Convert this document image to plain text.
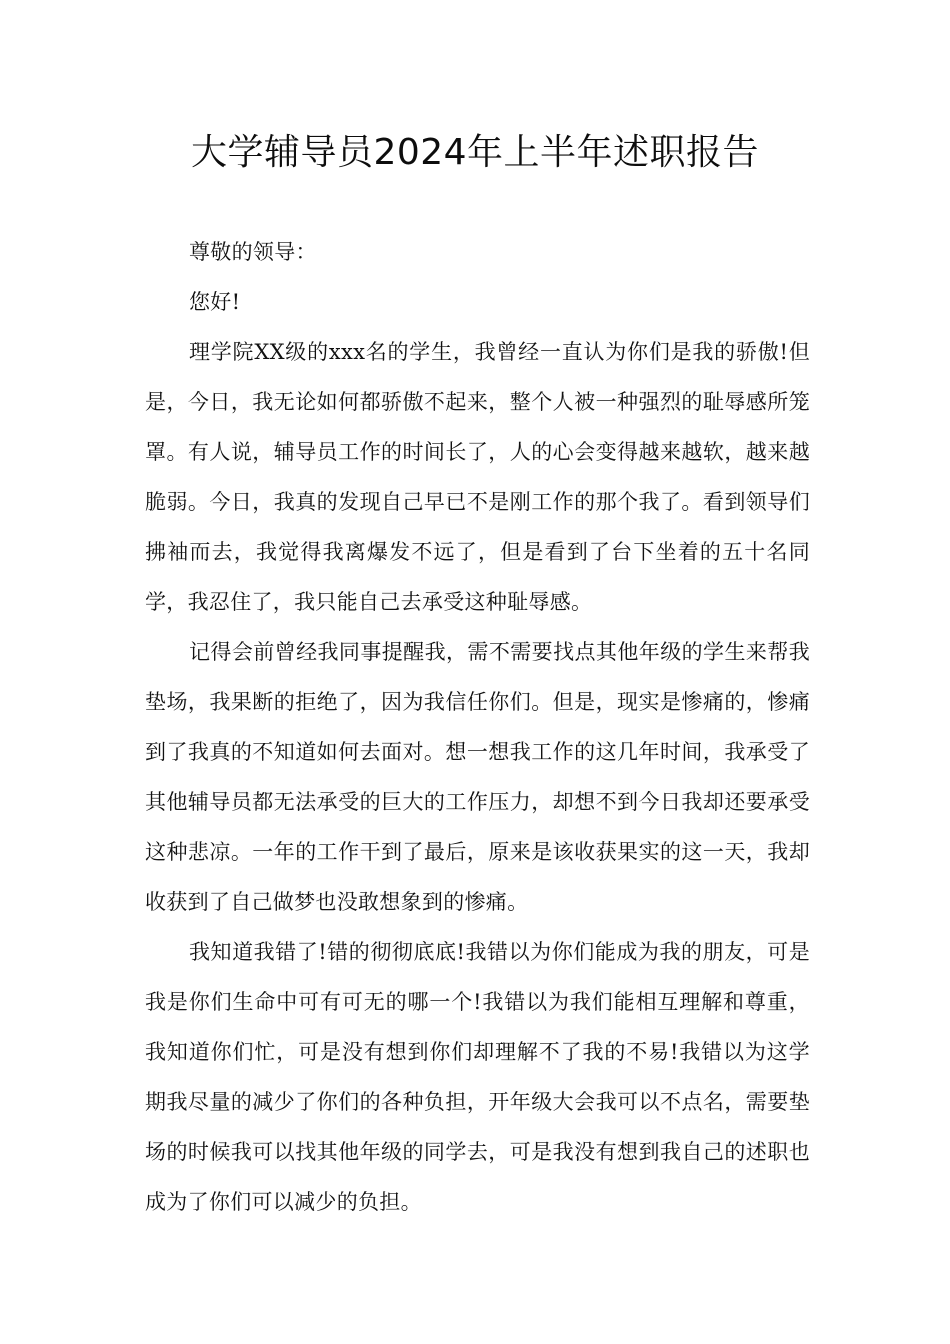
大学辅导员2024年上半年述职报告

尊敬的领导：

您好!

理学院XX级的xxx名的学生，我曾经一直认为你们是我的骄傲!但是，今日，我无论如何都骄傲不起来，整个人被一种强烈的耻辱感所笼罩。有人说，辅导员工作的时间长了，人的心会变得越来越软，越来越脆弱。今日，我真的发现自己早已不是刚工作的那个我了。看到领导们拂袖而去，我觉得我离爆发不远了，但是看到了台下坐着的五十名同学，我忍住了，我只能自己去承受这种耻辱感。

记得会前曾经我同事提醒我，需不需要找点其他年级的学生来帮我垫场，我果断的拒绝了，因为我信任你们。但是，现实是惨痛的，惨痛到了我真的不知道如何去面对。想一想我工作的这几年时间，我承受了其他辅导员都无法承受的巨大的工作压力，却想不到今日我却还要承受这种悲凉。一年的工作干到了最后，原来是该收获果实的这一天，我却收获到了自己做梦也没敢想象到的惨痛。

我知道我错了!错的彻彻底底!我错以为你们能成为我的朋友，可是我是你们生命中可有可无的哪一个!我错以为我们能相互理解和尊重，我知道你们忙，可是没有想到你们却理解不了我的不易!我错以为这学期我尽量的减少了你们的各种负担，开年级大会我可以不点名，需要垫场的时候我可以找其他年级的同学去，可是我没有想到我自己的述职也成为了你们可以减少的负担。
